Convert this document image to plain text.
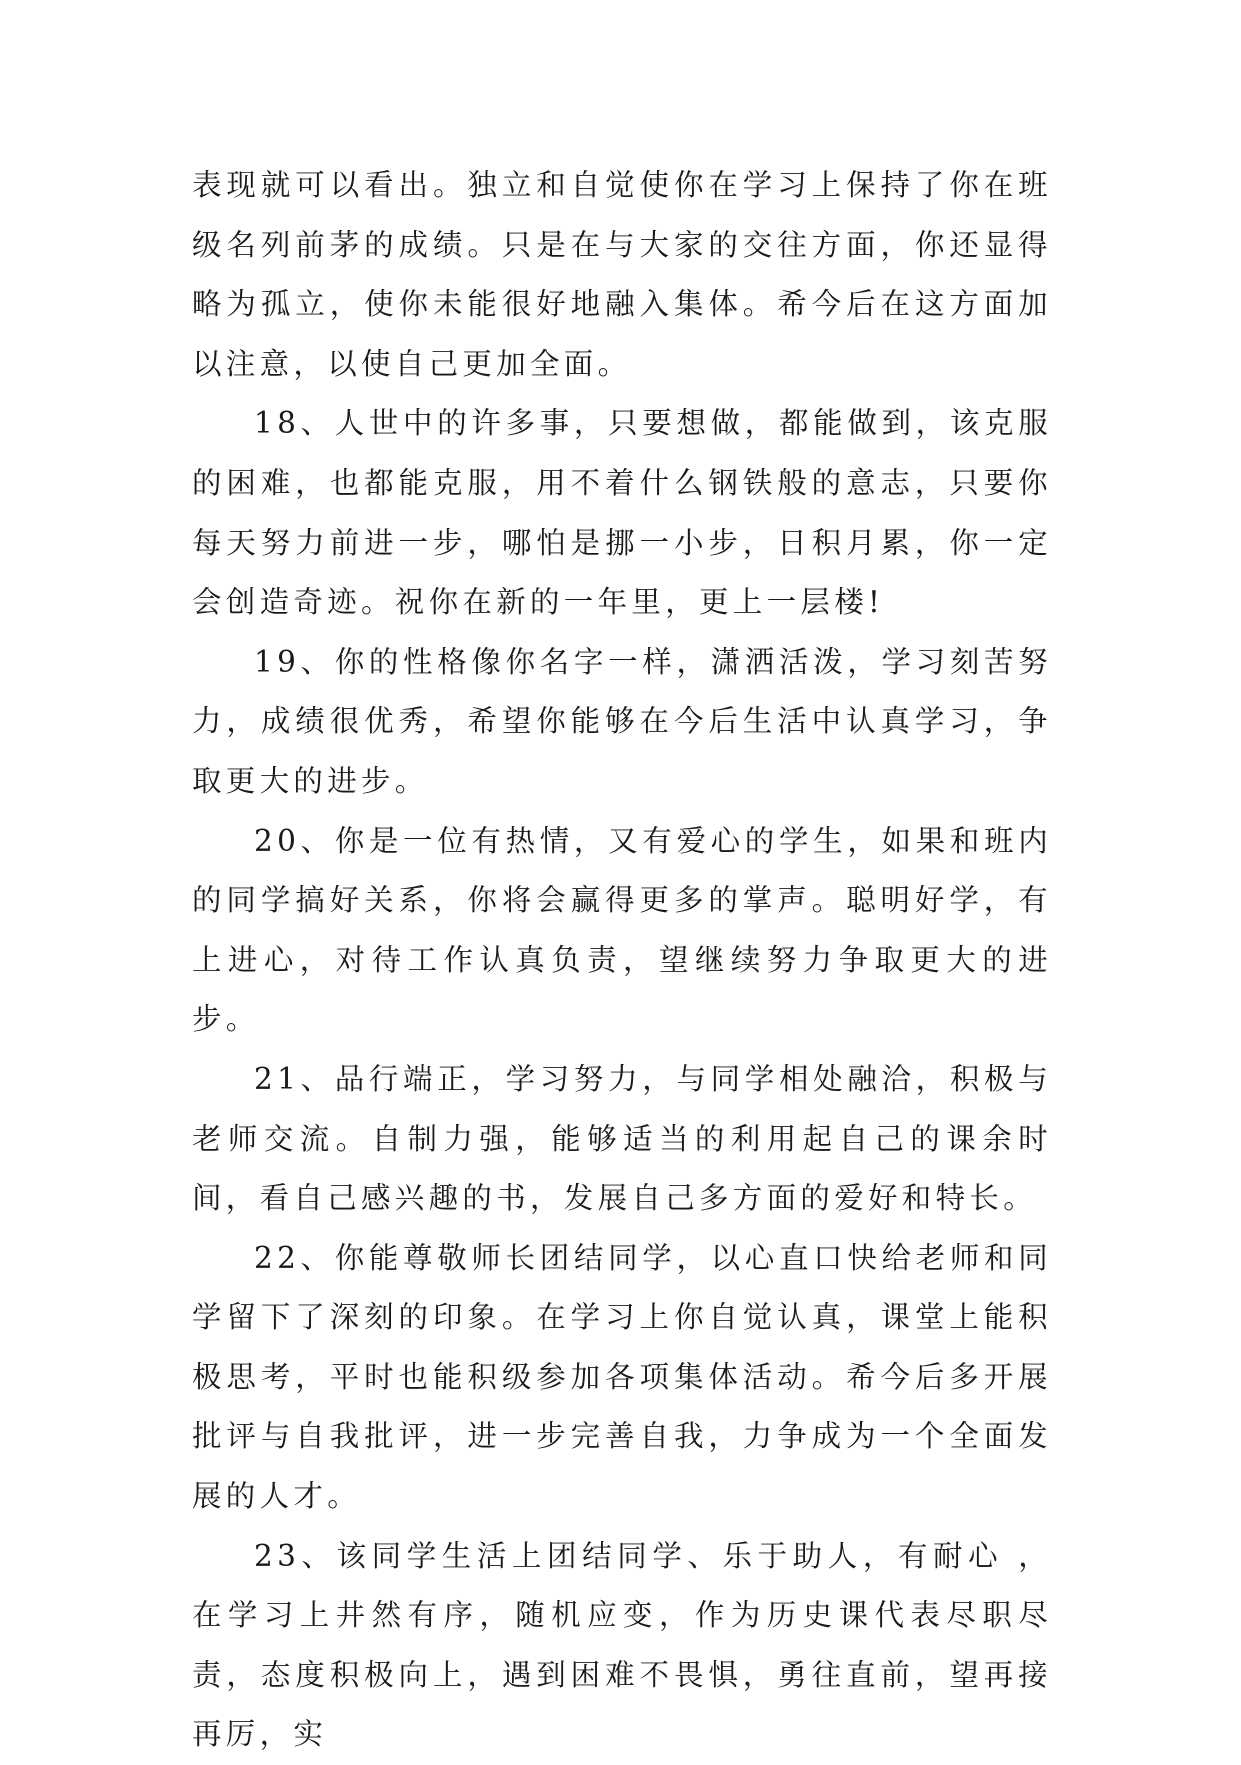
表现就可以看出。独立和自觉使你在学习上保持了你在班级名列前茅的成绩。只是在与大家的交往方面，你还显得略为孤立，使你未能很好地融入集体。希今后在这方面加以注意，以使自己更加全面。

18、人世中的许多事，只要想做，都能做到，该克服的困难，也都能克服，用不着什么钢铁般的意志，只要你每天努力前进一步，哪怕是挪一小步，日积月累，你一定会创造奇迹。祝你在新的一年里，更上一层楼!

19、你的性格像你名字一样，潇洒活泼，学习刻苦努力，成绩很优秀，希望你能够在今后生活中认真学习，争取更大的进步。

20、你是一位有热情，又有爱心的学生，如果和班内的同学搞好关系，你将会赢得更多的掌声。聪明好学，有上进心，对待工作认真负责，望继续努力争取更大的进步。

21、品行端正，学习努力，与同学相处融洽，积极与老师交流。自制力强，能够适当的利用起自己的课余时间，看自己感兴趣的书，发展自己多方面的爱好和特长。

22、你能尊敬师长团结同学，以心直口快给老师和同学留下了深刻的印象。在学习上你自觉认真，课堂上能积极思考，平时也能积级参加各项集体活动。希今后多开展批评与自我批评，进一步完善自我，力争成为一个全面发展的人才。

23、该同学生活上团结同学、乐于助人，有耐心 ，在学习上井然有序，随机应变，作为历史课代表尽职尽责，态度积极向上，遇到困难不畏惧，勇往直前，望再接再厉，实
